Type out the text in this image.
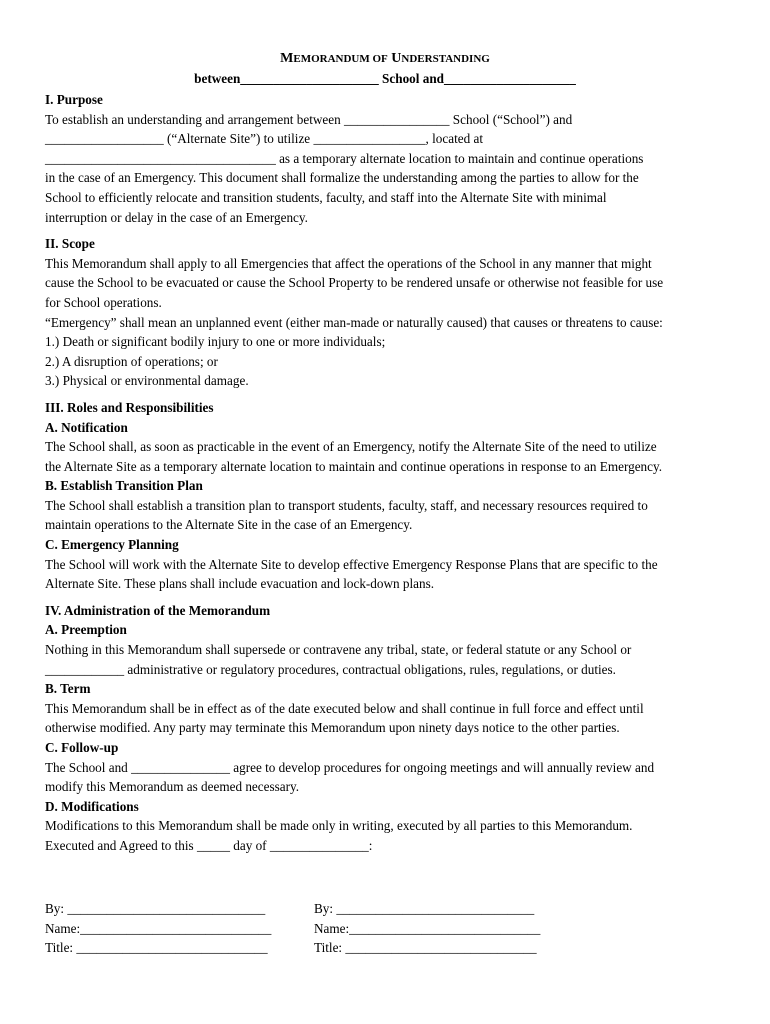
MEMORANDUM OF UNDERSTANDING
between_____________________ School and____________________
I. Purpose
To establish an understanding and arrangement between ________________ School (“School”) and
__________________ (“Alternate Site”) to utilize _________________, located at
___________________________________ as a temporary alternate location to maintain and continue operations
in the case of an Emergency. This document shall formalize the understanding among the parties to allow for the
School to efficiently relocate and transition students, faculty, and staff into the Alternate Site with minimal
interruption or delay in the case of an Emergency.
II. Scope
This Memorandum shall apply to all Emergencies that affect the operations of the School in any manner that might
cause the School to be evacuated or cause the School Property to be rendered unsafe or otherwise not feasible for use
for School operations.
“Emergency” shall mean an unplanned event (either man-made or naturally caused) that causes or threatens to cause:
1.) Death or significant bodily injury to one or more individuals;
2.) A disruption of operations; or
3.) Physical or environmental damage.
III. Roles and Responsibilities
A. Notification
The School shall, as soon as practicable in the event of an Emergency, notify the Alternate Site of the need to utilize
the Alternate Site as a temporary alternate location to maintain and continue operations in response to an Emergency.
B. Establish Transition Plan
The School shall establish a transition plan to transport students, faculty, staff, and necessary resources required to
maintain operations to the Alternate Site in the case of an Emergency.
C. Emergency Planning
The School will work with the Alternate Site to develop effective Emergency Response Plans that are specific to the
Alternate Site. These plans shall include evacuation and lock-down plans.
IV. Administration of the Memorandum
A. Preemption
Nothing in this Memorandum shall supersede or contravene any tribal, state, or federal statute or any School or
____________ administrative or regulatory procedures, contractual obligations, rules, regulations, or duties.
B. Term
This Memorandum shall be in effect as of the date executed below and shall continue in full force and effect until
otherwise modified. Any party may terminate this Memorandum upon ninety days notice to the other parties.
C. Follow-up
The School and _______________ agree to develop procedures for ongoing meetings and will annually review and
modify this Memorandum as deemed necessary.
D. Modifications
Modifications to this Memorandum shall be made only in writing, executed by all parties to this Memorandum.
Executed and Agreed to this _____ day of _______________:
By: ______________________________
Name:_____________________________
Title: _____________________________
By: ______________________________
Name:_____________________________
Title: _____________________________
